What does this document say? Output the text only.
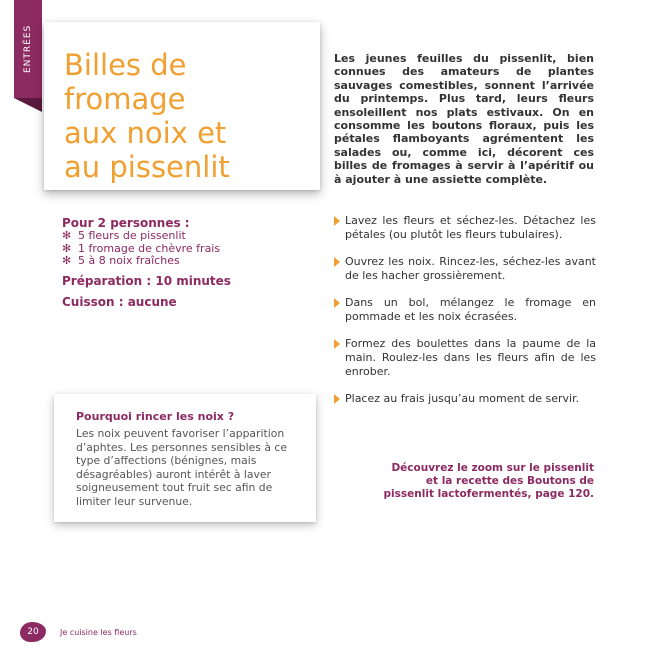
ENTRÉES	Billes de fromage
aux noix et
au pissenlit

Les jeunes feuilles du pissenlit, bien connues des amateurs de plantes sauvages comestibles, sonnent l’arrivée du printemps. Plus tard, leurs fleurs ensoleillent nos plats estivaux. On en consomme les boutons floraux, puis les pétales flamboyants agrémentent les salades ou, comme ici, décorent ces billes de fromages à servir à l’apéritif ou à ajouter à une assiette complète.

Pour 2 personnes :

✻ 5 fleurs de pissenlit
✻ 1 fromage de chèvre frais
✻ 5 à 8 noix fraîches

Préparation : 10 minutes

Cuisson : aucune

Lavez les fleurs et séchez-les. Détachez les pétales (ou plutôt les fleurs tubulaires).
Ouvrez les noix. Rincez-les, séchez-les avant de les hacher grossièrement.
Dans un bol, mélangez le fromage en pommade et les noix écrasées.
Formez des boulettes dans la paume de la main. Roulez-les dans les fleurs afin de les enrober.
Placez au frais jusqu’au moment de servir.

Pourquoi rincer les noix ?

Les noix peuvent favoriser l’apparition d’aphtes. Les personnes sensibles à ce type d’affections (bénignes, mais désagréables) auront intérêt à laver soigneusement tout fruit sec afin de limiter leur survenue.

Découvrez le zoom sur le pissenlit et la recette des Boutons de pissenlit lactofermentés, page 120.

20	Je cuisine les fleurs
